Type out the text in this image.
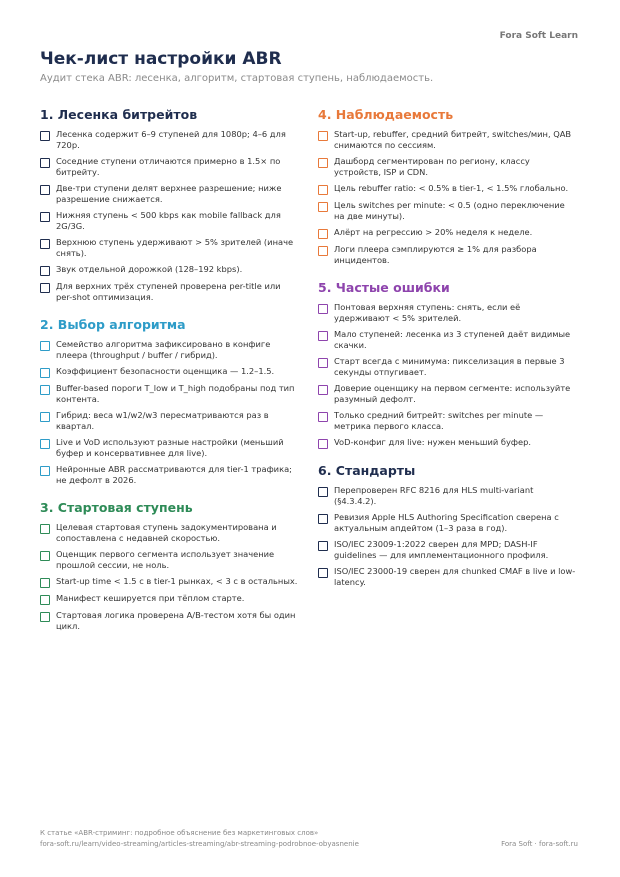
Fora Soft Learn
Чек-лист настройки ABR
Аудит стека ABR: лесенка, алгоритм, стартовая ступень, наблюдаемость.
1. Лесенка битрейтов
Лесенка содержит 6–9 ступеней для 1080p; 4–6 для 720p.
Соседние ступени отличаются примерно в 1.5× по битрейту.
Две-три ступени делят верхнее разрешение; ниже разрешение снижается.
Нижняя ступень < 500 kbps как mobile fallback для 2G/3G.
Верхнюю ступень удерживают > 5% зрителей (иначе снять).
Звук отдельной дорожкой (128–192 kbps).
Для верхних трёх ступеней проверена per-title или per-shot оптимизация.
2. Выбор алгоритма
Семейство алгоритма зафиксировано в конфиге плеера (throughput / buffer / гибрид).
Коэффициент безопасности оценщика — 1.2–1.5.
Buffer-based пороги T_low и T_high подобраны под тип контента.
Гибрид: веса w1/w2/w3 пересматриваются раз в квартал.
Live и VoD используют разные настройки (меньший буфер и консервативнее для live).
Нейронные ABR рассматриваются для tier-1 трафика; не дефолт в 2026.
3. Стартовая ступень
Целевая стартовая ступень задокументирована и сопоставлена с недавней скоростью.
Оценщик первого сегмента использует значение прошлой сессии, не ноль.
Start-up time < 1.5 с в tier-1 рынках, < 3 с в остальных.
Манифест кешируется при тёплом старте.
Стартовая логика проверена A/B-тестом хотя бы один цикл.
4. Наблюдаемость
Start-up, rebuffer, средний битрейт, switches/мин, QAB снимаются по сессиям.
Дашборд сегментирован по региону, классу устройств, ISP и CDN.
Цель rebuffer ratio: < 0.5% в tier-1, < 1.5% глобально.
Цель switches per minute: < 0.5 (одно переключение на две минуты).
Алёрт на регрессию > 20% неделя к неделе.
Логи плеера сэмплируются ≥ 1% для разбора инцидентов.
5. Частые ошибки
Понтовая верхняя ступень: снять, если её удерживают < 5% зрителей.
Мало ступеней: лесенка из 3 ступеней даёт видимые скачки.
Старт всегда с минимума: пикселизация в первые 3 секунды отпугивает.
Доверие оценщику на первом сегменте: используйте разумный дефолт.
Только средний битрейт: switches per minute — метрика первого класса.
VoD-конфиг для live: нужен меньший буфер.
6. Стандарты
Перепроверен RFC 8216 для HLS multi-variant (§4.3.4.2).
Ревизия Apple HLS Authoring Specification сверена с актуальным апдейтом (1–3 раза в год).
ISO/IEC 23009-1:2022 сверен для MPD; DASH-IF guidelines — для имплементационного профиля.
ISO/IEC 23000-19 сверен для chunked CMAF в live и low-latency.
К статье «ABR-стриминг: подробное объяснение без маркетинговых слов»
fora-soft.ru/learn/video-streaming/articles-streaming/abr-streaming-podrobnoe-obyasnenie	Fora Soft · fora-soft.ru
